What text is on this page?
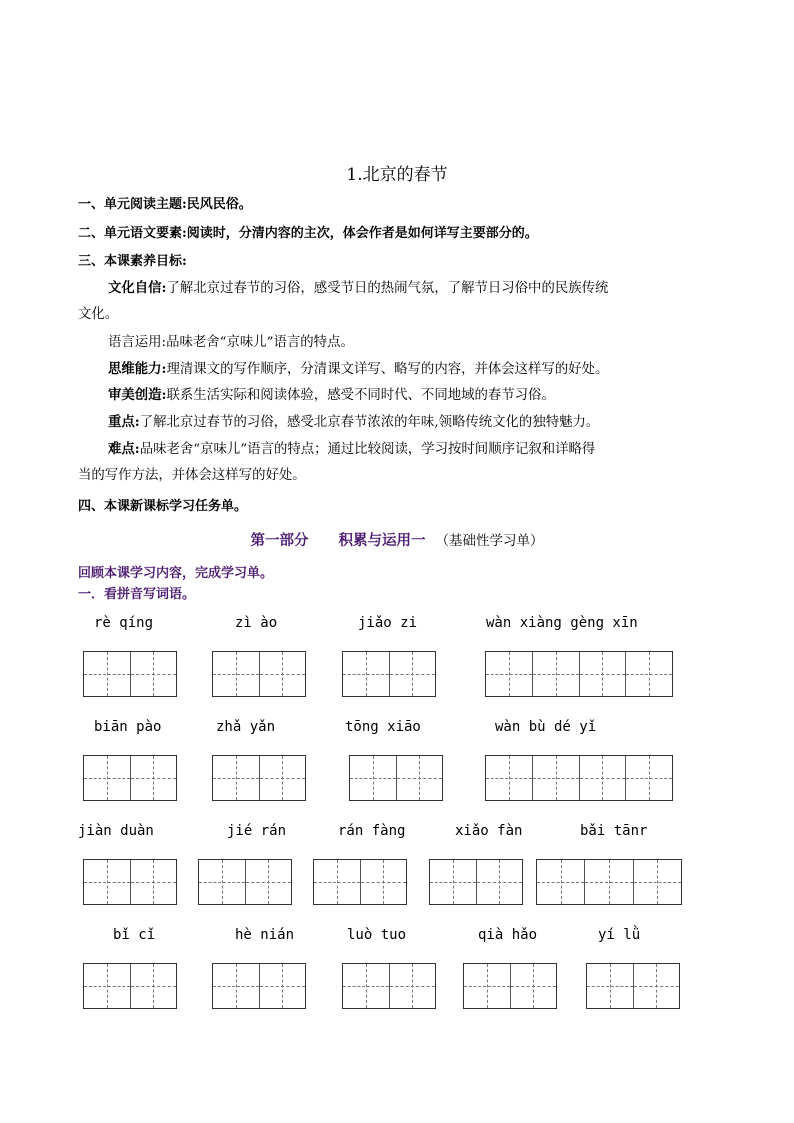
1.北京的春节
一、单元阅读主题:民风民俗。
二、单元语文要素:阅读时，分清内容的主次，体会作者是如何详写主要部分的。
三、本课素养目标:
文化自信:了解北京过春节的习俗，感受节日的热闹气氛，了解节日习俗中的民族传统
文化。
语言运用:品味老舍“京味儿”语言的特点。
思维能力:理清课文的写作顺序，分清课文详写、略写的内容，并体会这样写的好处。
审美创造:联系生活实际和阅读体验，感受不同时代、不同地域的春节习俗。
重点:了解北京过春节的习俗，感受北京春节浓浓的年味,领略传统文化的独特魅力。
难点:品味老舍“京味儿”语言的特点；通过比较阅读，学习按时间顺序记叙和详略得
当的写作方法，并体会这样写的好处。
四、本课新课标学习任务单。
第一部分 积累与运用一 （基础性学习单）
回顾本课学习内容，完成学习单。
一．看拼音写词语。
rè qíng	zì ào	jiǎo zi	wàn xiàng gèng xīn
biān pào	zhǎ yǎn	tōng xiāo	wàn bù dé yǐ
jiàn duàn	jié rán	rán fàng	xiǎo fàn	bǎi tānr
bǐ cǐ	hè nián	luò tuo	qià hǎo	yí lǜ
